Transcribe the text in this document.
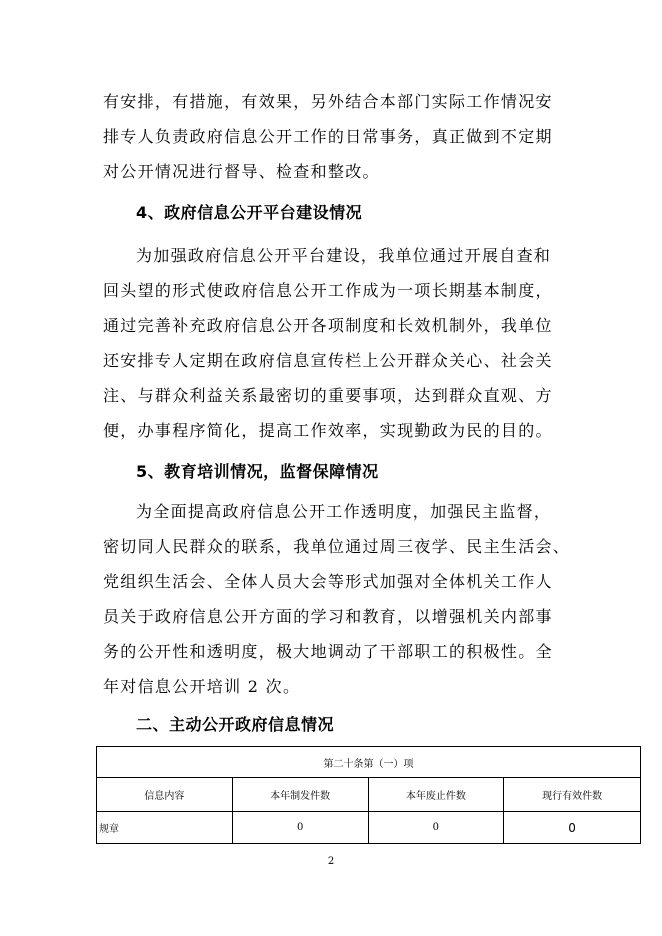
有安排，有措施，有效果，另外结合本部门实际工作情况安
排专人负责政府信息公开工作的日常事务，真正做到不定期
对公开情况进行督导、检查和整改。
4、政府信息公开平台建设情况
为加强政府信息公开平台建设，我单位通过开展自查和
回头望的形式使政府信息公开工作成为一项长期基本制度，
通过完善补充政府信息公开各项制度和长效机制外，我单位
还安排专人定期在政府信息宣传栏上公开群众关心、社会关
注、与群众利益关系最密切的重要事项，达到群众直观、方
便，办事程序简化，提高工作效率，实现勤政为民的目的。
5、教育培训情况，监督保障情况
为全面提高政府信息公开工作透明度，加强民主监督，
密切同人民群众的联系，我单位通过周三夜学、民主生活会、
党组织生活会、全体人员大会等形式加强对全体机关工作人
员关于政府信息公开方面的学习和教育，以增强机关内部事
务的公开性和透明度，极大地调动了干部职工的积极性。全
年对信息公开培训 2 次。
二、主动公开政府信息情况
第二十条第（一）项			
信息内容	本年制发件数	本年废止件数	现行有效件数
规章	0	0	0
2
